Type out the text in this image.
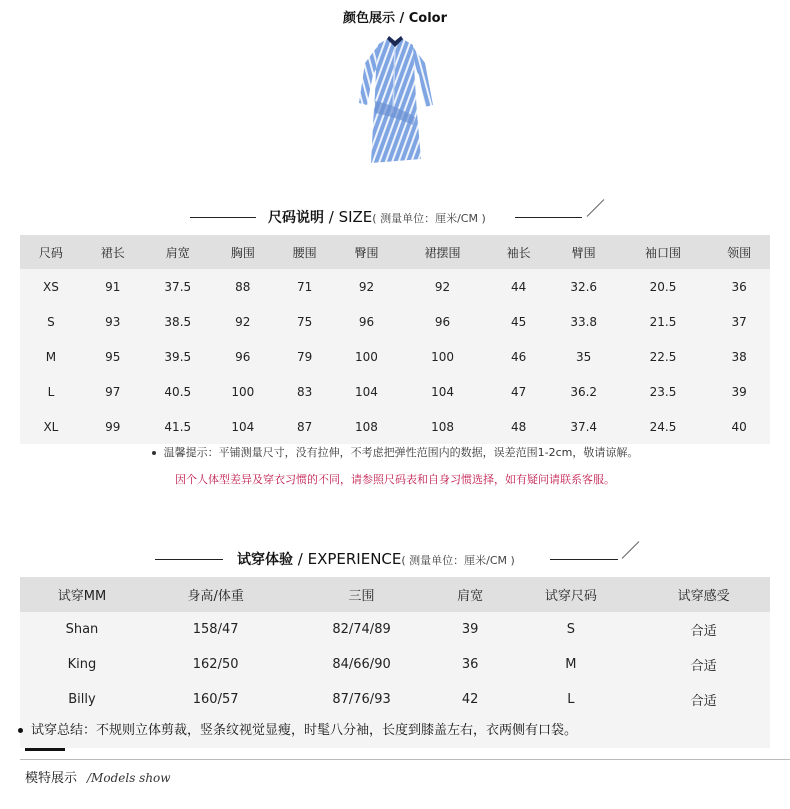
颜色展示 / Color
尺码说明 / SIZE( 测量单位：厘米/CM )
尺码	裙长	肩宽	胸围	腰围	臀围	裙摆围	袖长	臂围	袖口围	领围
XS	91	37.5	88	71	92	92	44	32.6	20.5	36
S	93	38.5	92	75	96	96	45	33.8	21.5	37
M	95	39.5	96	79	100	100	46	35	22.5	38
L	97	40.5	100	83	104	104	47	36.2	23.5	39
XL	99	41.5	104	87	108	108	48	37.4	24.5	40
温馨提示：平铺测量尺寸，没有拉伸，不考虑把弹性范围内的数据，误差范围1-2cm，敬请谅解。
因个人体型差异及穿衣习惯的不同，请参照尺码表和自身习惯选择，如有疑问请联系客服。
试穿体验 / EXPERIENCE( 测量单位：厘米/CM )
试穿MM	身高/体重	三围	肩宽	试穿尺码	试穿感受
Shan	158/47	82/74/89	39	S	合适
King	162/50	84/66/90	36	M	合适
Billy	160/57	87/76/93	42	L	合适
试穿总结：不规则立体剪裁，竖条纹视觉显瘦，时髦八分袖，长度到膝盖左右，衣两侧有口袋。
模特展示 /Models show
